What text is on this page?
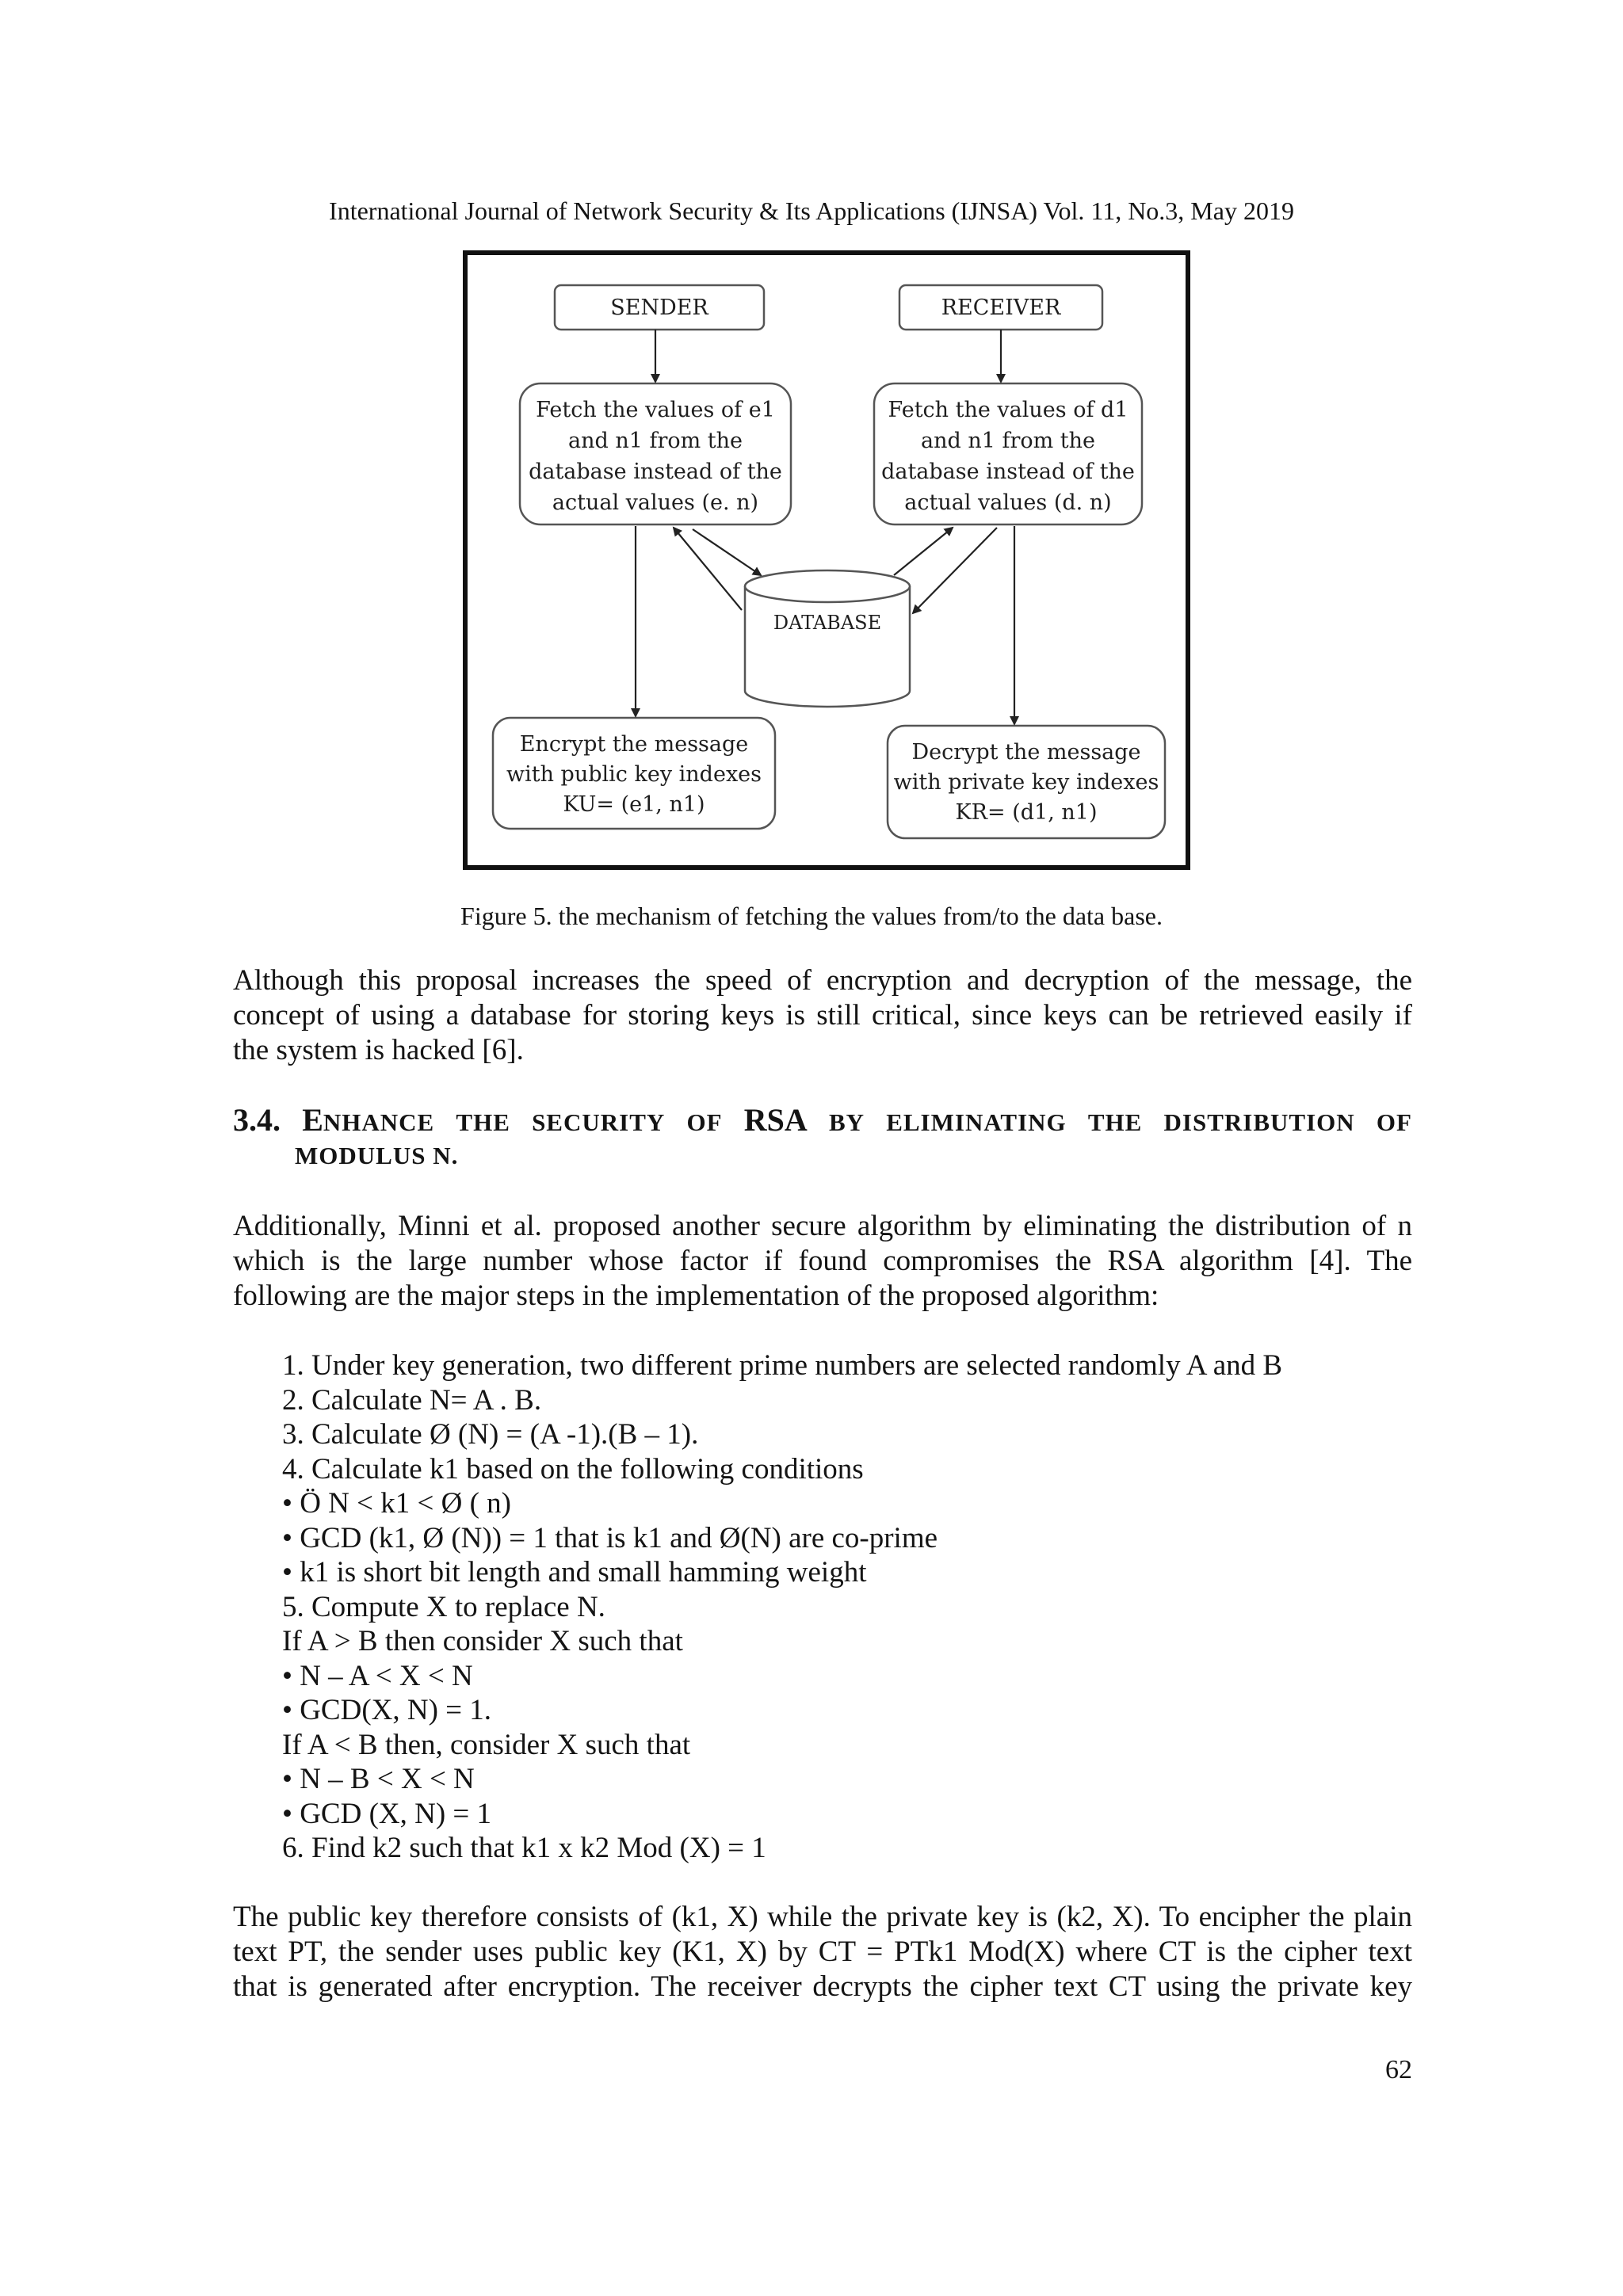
International Journal of Network Security & Its Applications (IJNSA) Vol. 11, No.3, May 2019
SENDER	RECEIVER
Fetch the values of e1
and n1 from the
database instead of the
actual values (e. n)
Fetch the values of d1
and n1 from the
database instead of the
actual values (d. n)
DATABASE
Encrypt the message
with public key indexes
KU= (e1, n1)
Decrypt the message
with private key indexes
KR= (d1, n1)
Figure 5. the mechanism of fetching the values from/to the data base.
Although this proposal increases the speed of encryption and decryption of the message, the
concept of using a database for storing keys is still critical, since keys can be retrieved easily if
the system is hacked [6].
3.4. ENHANCE THE SECURITY OF RSA BY ELIMINATING THE DISTRIBUTION OF
MODULUS N.
Additionally, Minni et al. proposed another secure algorithm by eliminating the distribution of n
which is the large number whose factor if found compromises the RSA algorithm [4]. The
following are the major steps in the implementation of the proposed algorithm:
1. Under key generation, two different prime numbers are selected randomly A and B
2. Calculate N= A . B.
3. Calculate Ø (N) = (A -1).(B – 1).
4. Calculate k1 based on the following conditions
• Ö N < k1 < Ø ( n)
• GCD (k1, Ø (N)) = 1 that is k1 and Ø(N) are co-prime
• k1 is short bit length and small hamming weight
5. Compute X to replace N.
If A > B then consider X such that
• N – A < X < N
• GCD(X, N) = 1.
If A < B then, consider X such that
• N – B < X < N
• GCD (X, N) = 1
6. Find k2 such that k1 x k2 Mod (X) = 1
The public key therefore consists of (k1, X) while the private key is (k2, X). To encipher the plain
text PT, the sender uses public key (K1, X) by CT = PTk1 Mod(X) where CT is the cipher text
that is generated after encryption. The receiver decrypts the cipher text CT using the private key
62
